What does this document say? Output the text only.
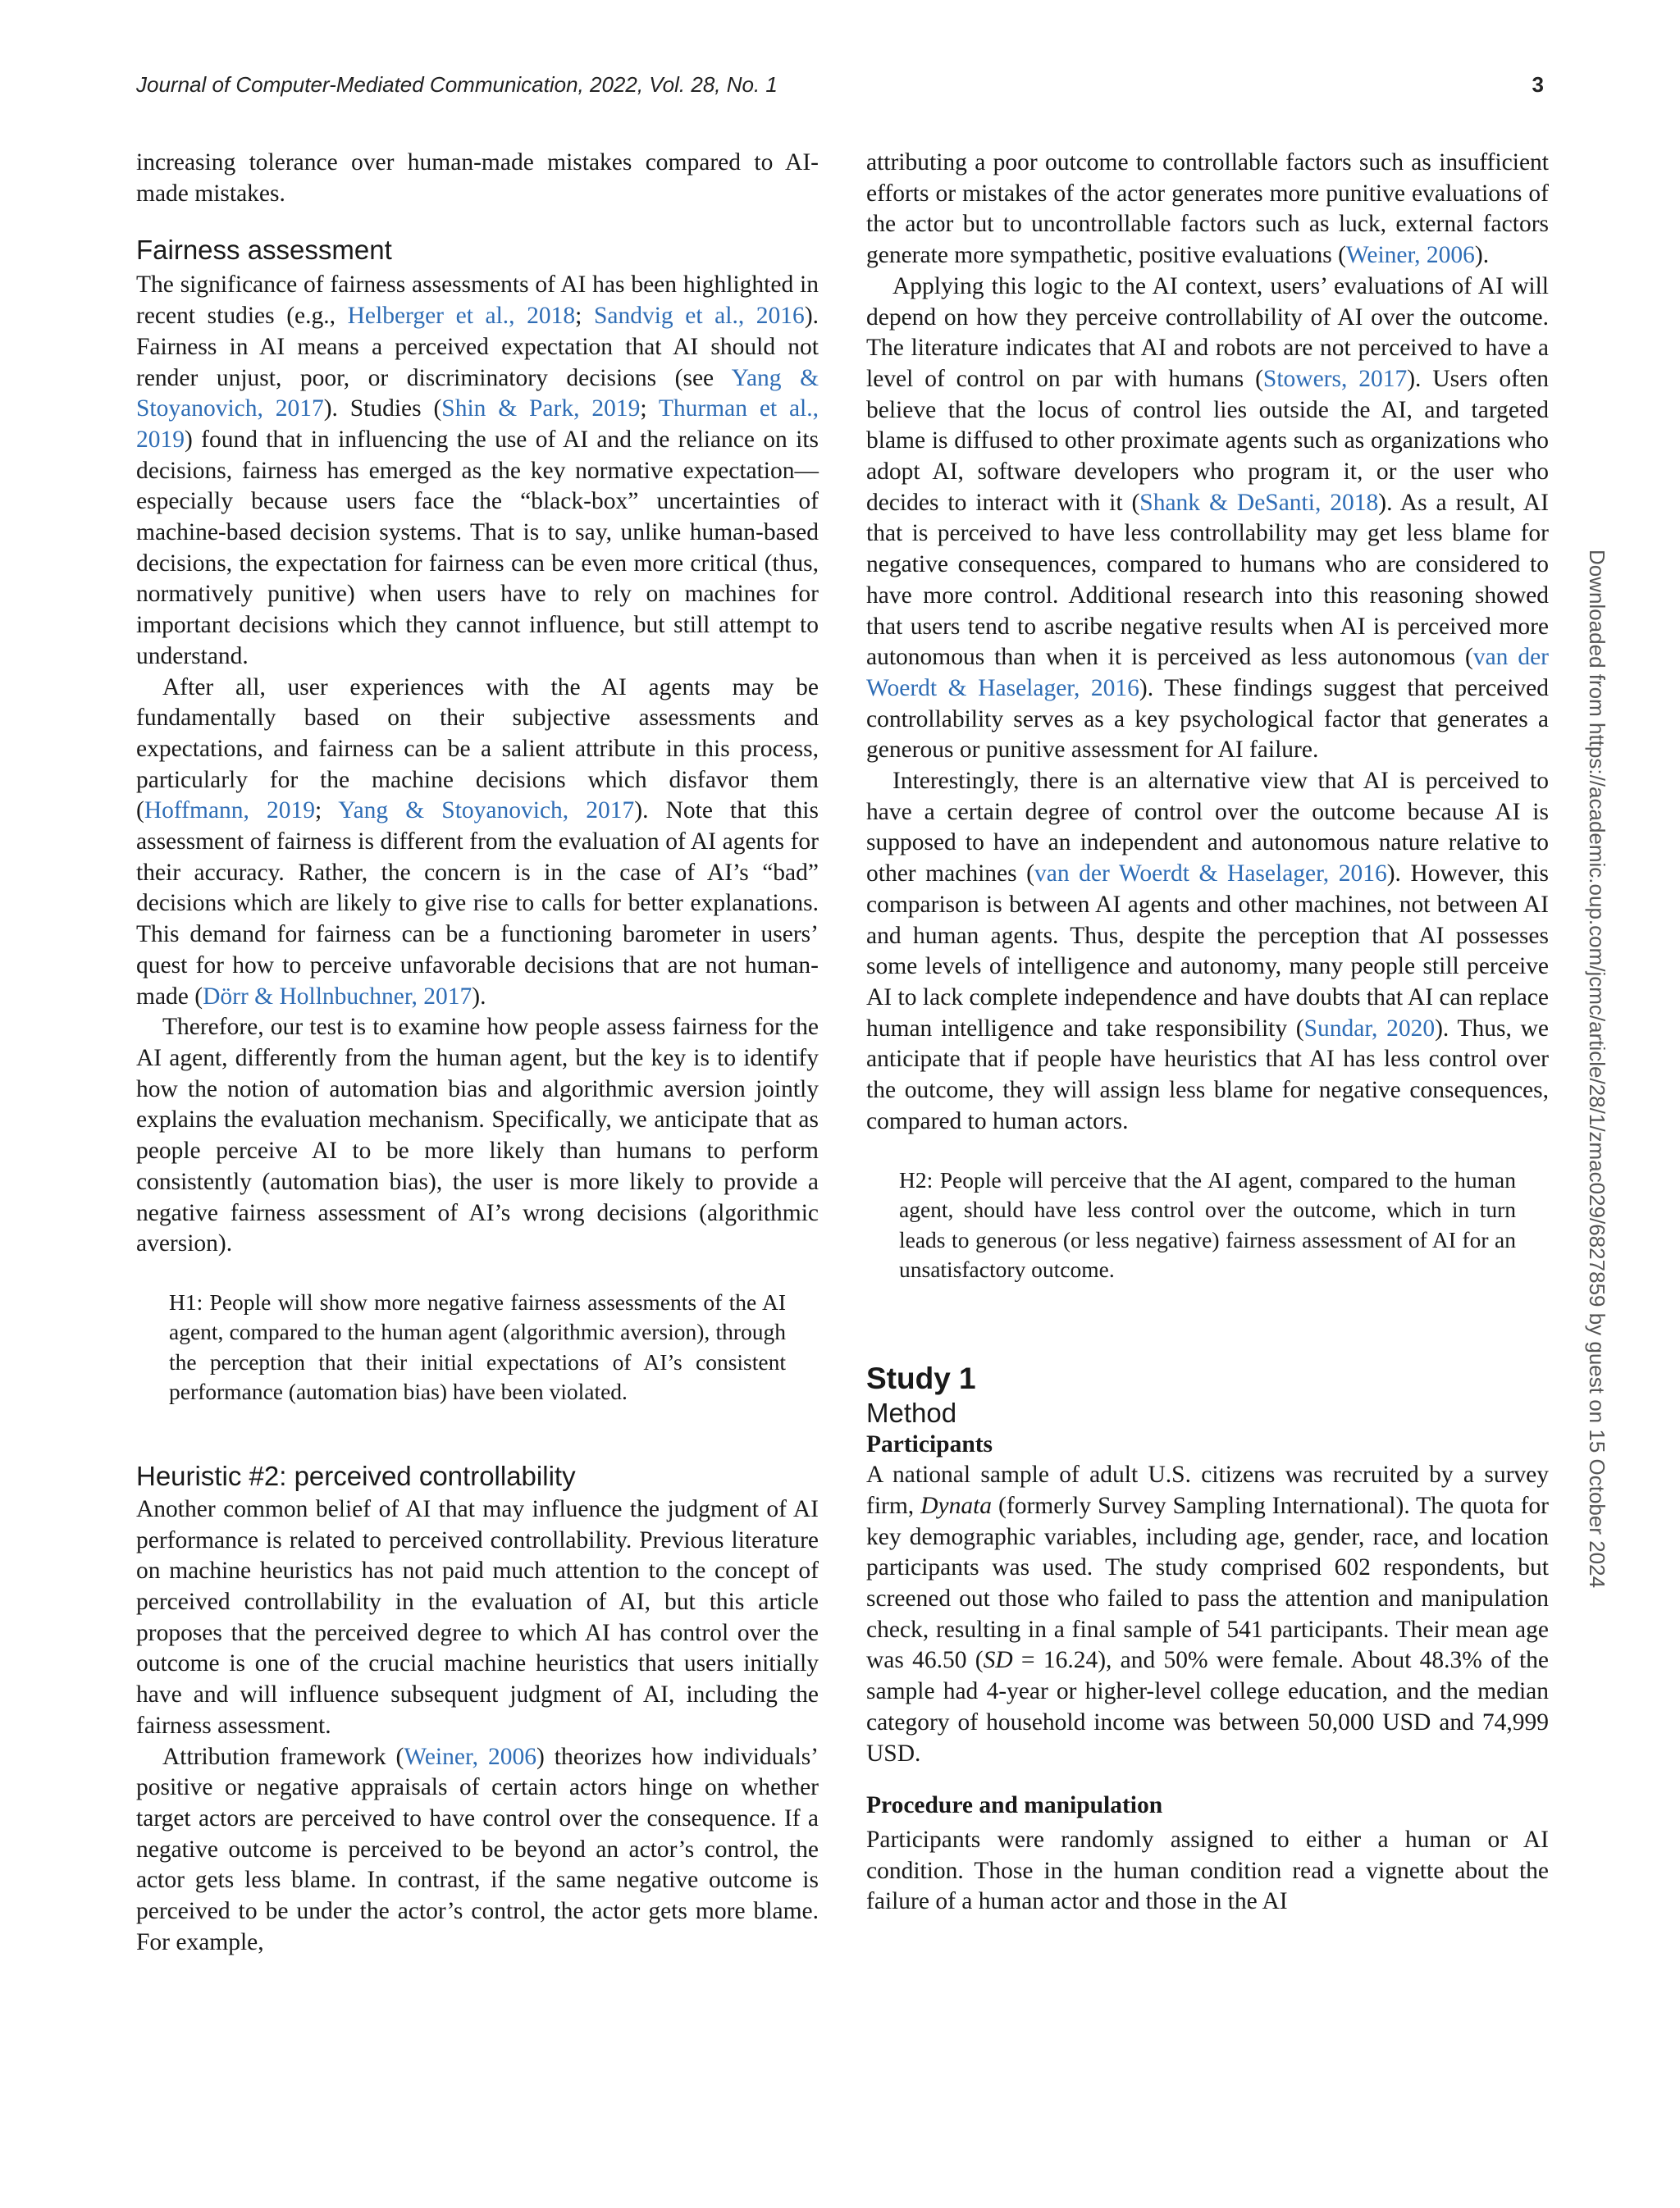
Journal of Computer-Mediated Communication, 2022, Vol. 28, No. 1	3

increasing tolerance over human-made mistakes compared to AI-made mistakes.

Fairness assessment

The significance of fairness assessments of AI has been highlighted in recent studies (e.g., Helberger et al., 2018; Sandvig et al., 2016). Fairness in AI means a perceived expectation that AI should not render unjust, poor, or discriminatory decisions (see Yang & Stoyanovich, 2017). Studies (Shin & Park, 2019; Thurman et al., 2019) found that in influencing the use of AI and the reliance on its decisions, fairness has emerged as the key normative expectation—especially because users face the “black-box” uncertainties of machine-based decision systems. That is to say, unlike human-based decisions, the expectation for fairness can be even more critical (thus, normatively punitive) when users have to rely on machines for important decisions which they cannot influence, but still attempt to understand.

After all, user experiences with the AI agents may be fundamentally based on their subjective assessments and expectations, and fairness can be a salient attribute in this process, particularly for the machine decisions which disfavor them (Hoffmann, 2019; Yang & Stoyanovich, 2017). Note that this assessment of fairness is different from the evaluation of AI agents for their accuracy. Rather, the concern is in the case of AI’s “bad” decisions which are likely to give rise to calls for better explanations. This demand for fairness can be a functioning barometer in users’ quest for how to perceive unfavorable decisions that are not human-made (Dörr & Hollnbuchner, 2017).

Therefore, our test is to examine how people assess fairness for the AI agent, differently from the human agent, but the key is to identify how the notion of automation bias and algorithmic aversion jointly explains the evaluation mechanism. Specifically, we anticipate that as people perceive AI to be more likely than humans to perform consistently (automation bias), the user is more likely to provide a negative fairness assessment of AI’s wrong decisions (algorithmic aversion).

H1: People will show more negative fairness assessments of the AI agent, compared to the human agent (algorithmic aversion), through the perception that their initial expectations of AI’s consistent performance (automation bias) have been violated.

Heuristic #2: perceived controllability

Another common belief of AI that may influence the judgment of AI performance is related to perceived controllability. Previous literature on machine heuristics has not paid much attention to the concept of perceived controllability in the evaluation of AI, but this article proposes that the perceived degree to which AI has control over the outcome is one of the crucial machine heuristics that users initially have and will influence subsequent judgment of AI, including the fairness assessment.

Attribution framework (Weiner, 2006) theorizes how individuals’ positive or negative appraisals of certain actors hinge on whether target actors are perceived to have control over the consequence. If a negative outcome is perceived to be beyond an actor’s control, the actor gets less blame. In contrast, if the same negative outcome is perceived to be under the actor’s control, the actor gets more blame. For example,

attributing a poor outcome to controllable factors such as insufficient efforts or mistakes of the actor generates more punitive evaluations of the actor but to uncontrollable factors such as luck, external factors generate more sympathetic, positive evaluations (Weiner, 2006).

Applying this logic to the AI context, users’ evaluations of AI will depend on how they perceive controllability of AI over the outcome. The literature indicates that AI and robots are not perceived to have a level of control on par with humans (Stowers, 2017). Users often believe that the locus of control lies outside the AI, and targeted blame is diffused to other proximate agents such as organizations who adopt AI, software developers who program it, or the user who decides to interact with it (Shank & DeSanti, 2018). As a result, AI that is perceived to have less controllability may get less blame for negative consequences, compared to humans who are considered to have more control. Additional research into this reasoning showed that users tend to ascribe negative results when AI is perceived more autonomous than when it is perceived as less autonomous (van der Woerdt & Haselager, 2016). These findings suggest that perceived controllability serves as a key psychological factor that generates a generous or punitive assessment for AI failure.

Interestingly, there is an alternative view that AI is perceived to have a certain degree of control over the outcome because AI is supposed to have an independent and autonomous nature relative to other machines (van der Woerdt & Haselager, 2016). However, this comparison is between AI agents and other machines, not between AI and human agents. Thus, despite the perception that AI possesses some levels of intelligence and autonomy, many people still perceive AI to lack complete independence and have doubts that AI can replace human intelligence and take responsibility (Sundar, 2020). Thus, we anticipate that if people have heuristics that AI has less control over the outcome, they will assign less blame for negative consequences, compared to human actors.

H2: People will perceive that the AI agent, compared to the human agent, should have less control over the outcome, which in turn leads to generous (or less negative) fairness assessment of AI for an unsatisfactory outcome.

Study 1
Method
Participants

A national sample of adult U.S. citizens was recruited by a survey firm, Dynata (formerly Survey Sampling International). The quota for key demographic variables, including age, gender, race, and location participants was used. The study comprised 602 respondents, but screened out those who failed to pass the attention and manipulation check, resulting in a final sample of 541 participants. Their mean age was 46.50 (SD = 16.24), and 50% were female. About 48.3% of the sample had 4-year or higher-level college education, and the median category of household income was between 50,000 USD and 74,999 USD.

Procedure and manipulation

Participants were randomly assigned to either a human or AI condition. Those in the human condition read a vignette about the failure of a human actor and those in the AI

Downloaded from https://academic.oup.com/jcmc/article/28/1/zmac029/6827859 by guest on 15 October 2024
